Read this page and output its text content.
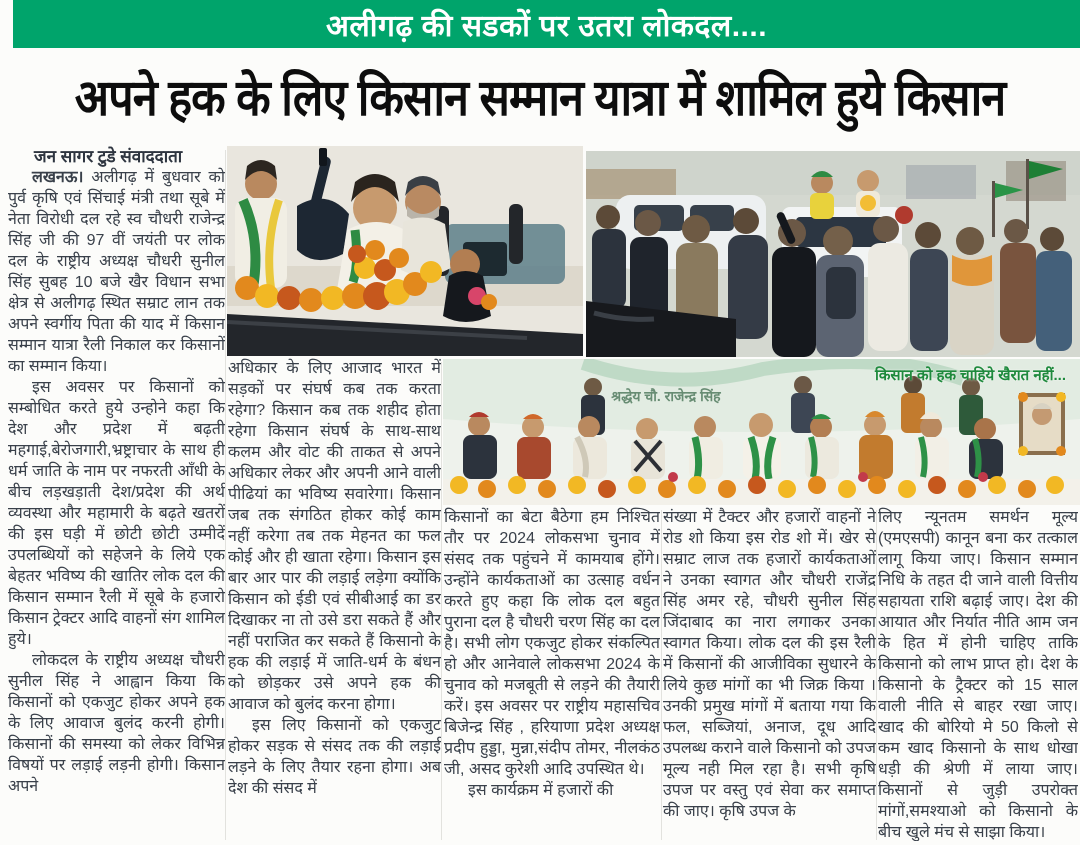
अलीगढ़ की सडकों पर उतरा लोकदल....
अपने हक के लिए किसान सम्मान यात्रा में शामिल हुये किसान
किसान को हक चाहिये खैरात नहीं...
श्रद्धेय चौ. राजेन्द्र सिंह
जन सागर टुडे संवाददाता

लखनऊ। अलीगढ़ में बुधवार को पुर्व कृषि एवं सिंचाई मंत्री तथा सूबे में नेता विरोधी दल रहे स्व चौधरी राजेन्द्र सिंह जी की 97 वीं जयंती पर लोक दल के राष्ट्रीय अध्यक्ष चौधरी सुनील सिंह सुबह 10 बजे खैर विधान सभा क्षेत्र से अलीगढ़ स्थित सम्राट लान तक अपने स्वर्गीय पिता की याद में किसान सम्मान यात्रा रैली निकाल कर किसानों का सम्मान किया।

इस अवसर पर किसानों को सम्बोधित करते हुये उन्होने कहा कि देश और प्रदेश में बढ़ती महगाई,बेरोजगारी,भ्रष्ट्राचार के साथ ही धर्म जाति के नाम पर नफरती आँधी के बीच लड़खड़ाती देश/प्रदेश की अर्थ व्यवस्था और महामारी के बढ़ते खतरों की इस घड़ी में छोटी छोटी उम्मीदें उपलब्धियों को सहेजने के लिये एक बेहतर भविष्य की खातिर लोक दल की किसान सम्मान रैली में सूबे के हजारो किसान ट्रेक्टर आदि वाहनों संग शामिल हुये।

लोकदल के राष्ट्रीय अध्यक्ष चौधरी सुनील सिंह ने आह्वान किया कि किसानों को एकजुट होकर अपने हक के लिए आवाज बुलंद करनी होगी। किसानों की समस्या को लेकर विभिन्न विषयों पर लड़ाई लड़नी होगी। किसान अपने

अधिकार के लिए आजाद भारत में सड़कों पर संघर्ष कब तक करता रहेगा? किसान कब तक शहीद होता रहेगा किसान संघर्ष के साथ-साथ कलम और वोट की ताकत से अपने अधिकार लेकर और अपनी आने वाली पीढियां का भविष्य सवारेगा। किसान जब तक संगठित होकर कोई काम नहीं करेगा तब तक मेहनत का फल कोई और ही खाता रहेगा। किसान इस बार आर पार की लड़ाई लड़ेगा क्योंकि किसान को ईडी एवं सीबीआई का डर दिखाकर ना तो उसे डरा सकते हैं और नहीं पराजित कर सकते हैं किसानो के हक की लड़ाई में जाति-धर्म के बंधन को छोड़कर उसे अपने हक की आवाज को बुलंद करना होगा।

इस लिए किसानों को एकजुट होकर सड़क से संसद तक की लड़ाई लड़ने के लिए तैयार रहना होगा। अब देश की संसद में

किसानों का बेटा बैठेगा हम निश्चित तौर पर 2024 लोकसभा चुनाव में संसद तक पहुंचने में कामयाब होंगे। उन्होंने कार्यकताओं का उत्साह वर्धन करते हुए कहा कि लोक दल बहुत पुराना दल है चौधरी चरण सिंह का दल है। सभी लोग एकजुट होकर संकल्पित हो और आनेवाले लोकसभा 2024 के चुनाव को मजबूती से लड़ने की तैयारी करें। इस अवसर पर राष्ट्रीय महासचिव बिजेन्द्र सिंह , हरियाणा प्रदेश अध्यक्ष प्रदीप हुड्डा, मुन्ना,संदीप तोमर, नीलकंठ जी, असद कुरेशी आदि उपस्थित थे।

इस कार्यक्रम में हजारों की

संख्या में टैक्टर और हजारों वाहनों ने रोड शो किया इस रोड शो में। खेर से सम्राट लाज तक हजारों कार्यकताओं ने उनका स्वागत और चौधरी राजेंद्र सिंह अमर रहे, चौधरी सुनील सिंह जिंदाबाद का नारा लगाकर उनका स्वागत किया। लोक दल की इस रैली में किसानों की आजीविका सुधारने के लिये कुछ मांगों का भी जिक्र किया । उनकी प्रमुख मांगों में बताया गया कि फल, सब्जियां, अनाज, दूध आदि उपलब्ध कराने वाले किसानो को उपज मूल्य नही मिल रहा है। सभी कृषि उपज पर वस्तु एवं सेवा कर समाप्त की जाए। कृषि उपज के

लिए न्यूनतम समर्थन मूल्य (एमएसपी) कानून बना कर तत्काल लागू किया जाए। किसान सम्मान निधि के तहत दी जाने वाली वित्तीय सहायता राशि बढ़ाई जाए। देश की आयात और निर्यात नीति आम जन के हित में होनी चाहिए ताकि किसानो को लाभ प्राप्त हो। देश के किसानो के ट्रैक्टर को 15 साल वाली नीति से बाहर रखा जाए। खाद की बोरियो मे 50 किलो से कम खाद किसानो के साथ धोखा धड़ी की श्रेणी में लाया जाए। किसानों से जुड़ी उपरोक्त मांगों,समश्याओ को किसानो के बीच खुले मंच से साझा किया।
